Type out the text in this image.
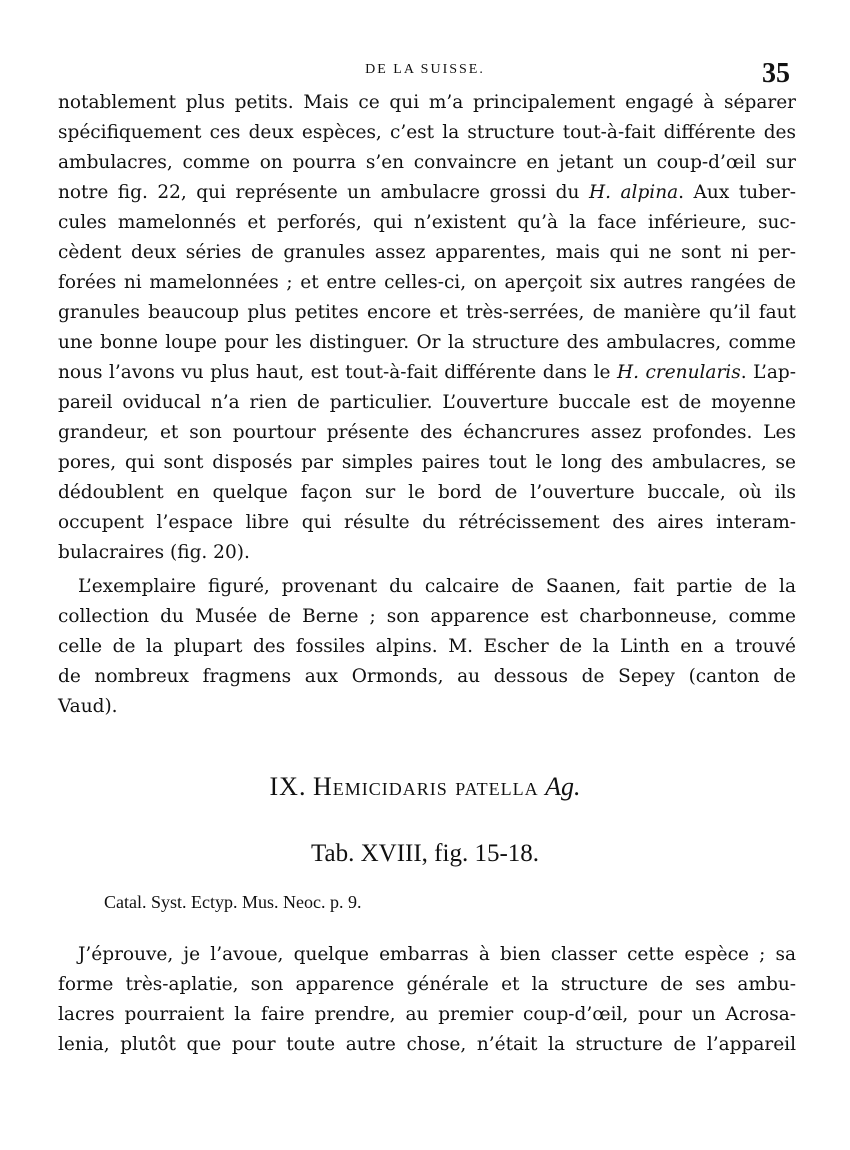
DE LA SUISSE.	35
notablement plus petits. Mais ce qui m’a principalement engagé à séparer
spécifiquement ces deux espèces, c’est la structure tout-à-fait différente des
ambulacres, comme on pourra s’en convaincre en jetant un coup-d’œil sur
notre fig. 22, qui représente un ambulacre grossi du H. alpina. Aux tuber-
cules mamelonnés et perforés, qui n’existent qu’à la face inférieure, suc-
cèdent deux séries de granules assez apparentes, mais qui ne sont ni per-
forées ni mamelonnées ; et entre celles-ci, on aperçoit six autres rangées de
granules beaucoup plus petites encore et très-serrées, de manière qu’il faut
une bonne loupe pour les distinguer. Or la structure des ambulacres, comme
nous l’avons vu plus haut, est tout-à-fait différente dans le H. crenularis. L’ap-
pareil oviducal n’a rien de particulier. L’ouverture buccale est de moyenne
grandeur, et son pourtour présente des échancrures assez profondes. Les
pores, qui sont disposés par simples paires tout le long des ambulacres, se
dédoublent en quelque façon sur le bord de l’ouverture buccale, où ils
occupent l’espace libre qui résulte du rétrécissement des aires interam-
bulacraires (fig. 20).
L’exemplaire figuré, provenant du calcaire de Saanen, fait partie de la
collection du Musée de Berne ; son apparence est charbonneuse, comme
celle de la plupart des fossiles alpins. M. Escher de la Linth en a trouvé
de nombreux fragmens aux Ormonds, au dessous de Sepey (canton de
Vaud).
IX. Hemicidaris patella Ag.
Tab. XVIII, fig. 15-18.
Catal. Syst. Ectyp. Mus. Neoc. p. 9.
J’éprouve, je l’avoue, quelque embarras à bien classer cette espèce ; sa
forme très-aplatie, son apparence générale et la structure de ses ambu-
lacres pourraient la faire prendre, au premier coup-d’œil, pour un Acrosa-
lenia, plutôt que pour toute autre chose, n’était la structure de l’appareil
